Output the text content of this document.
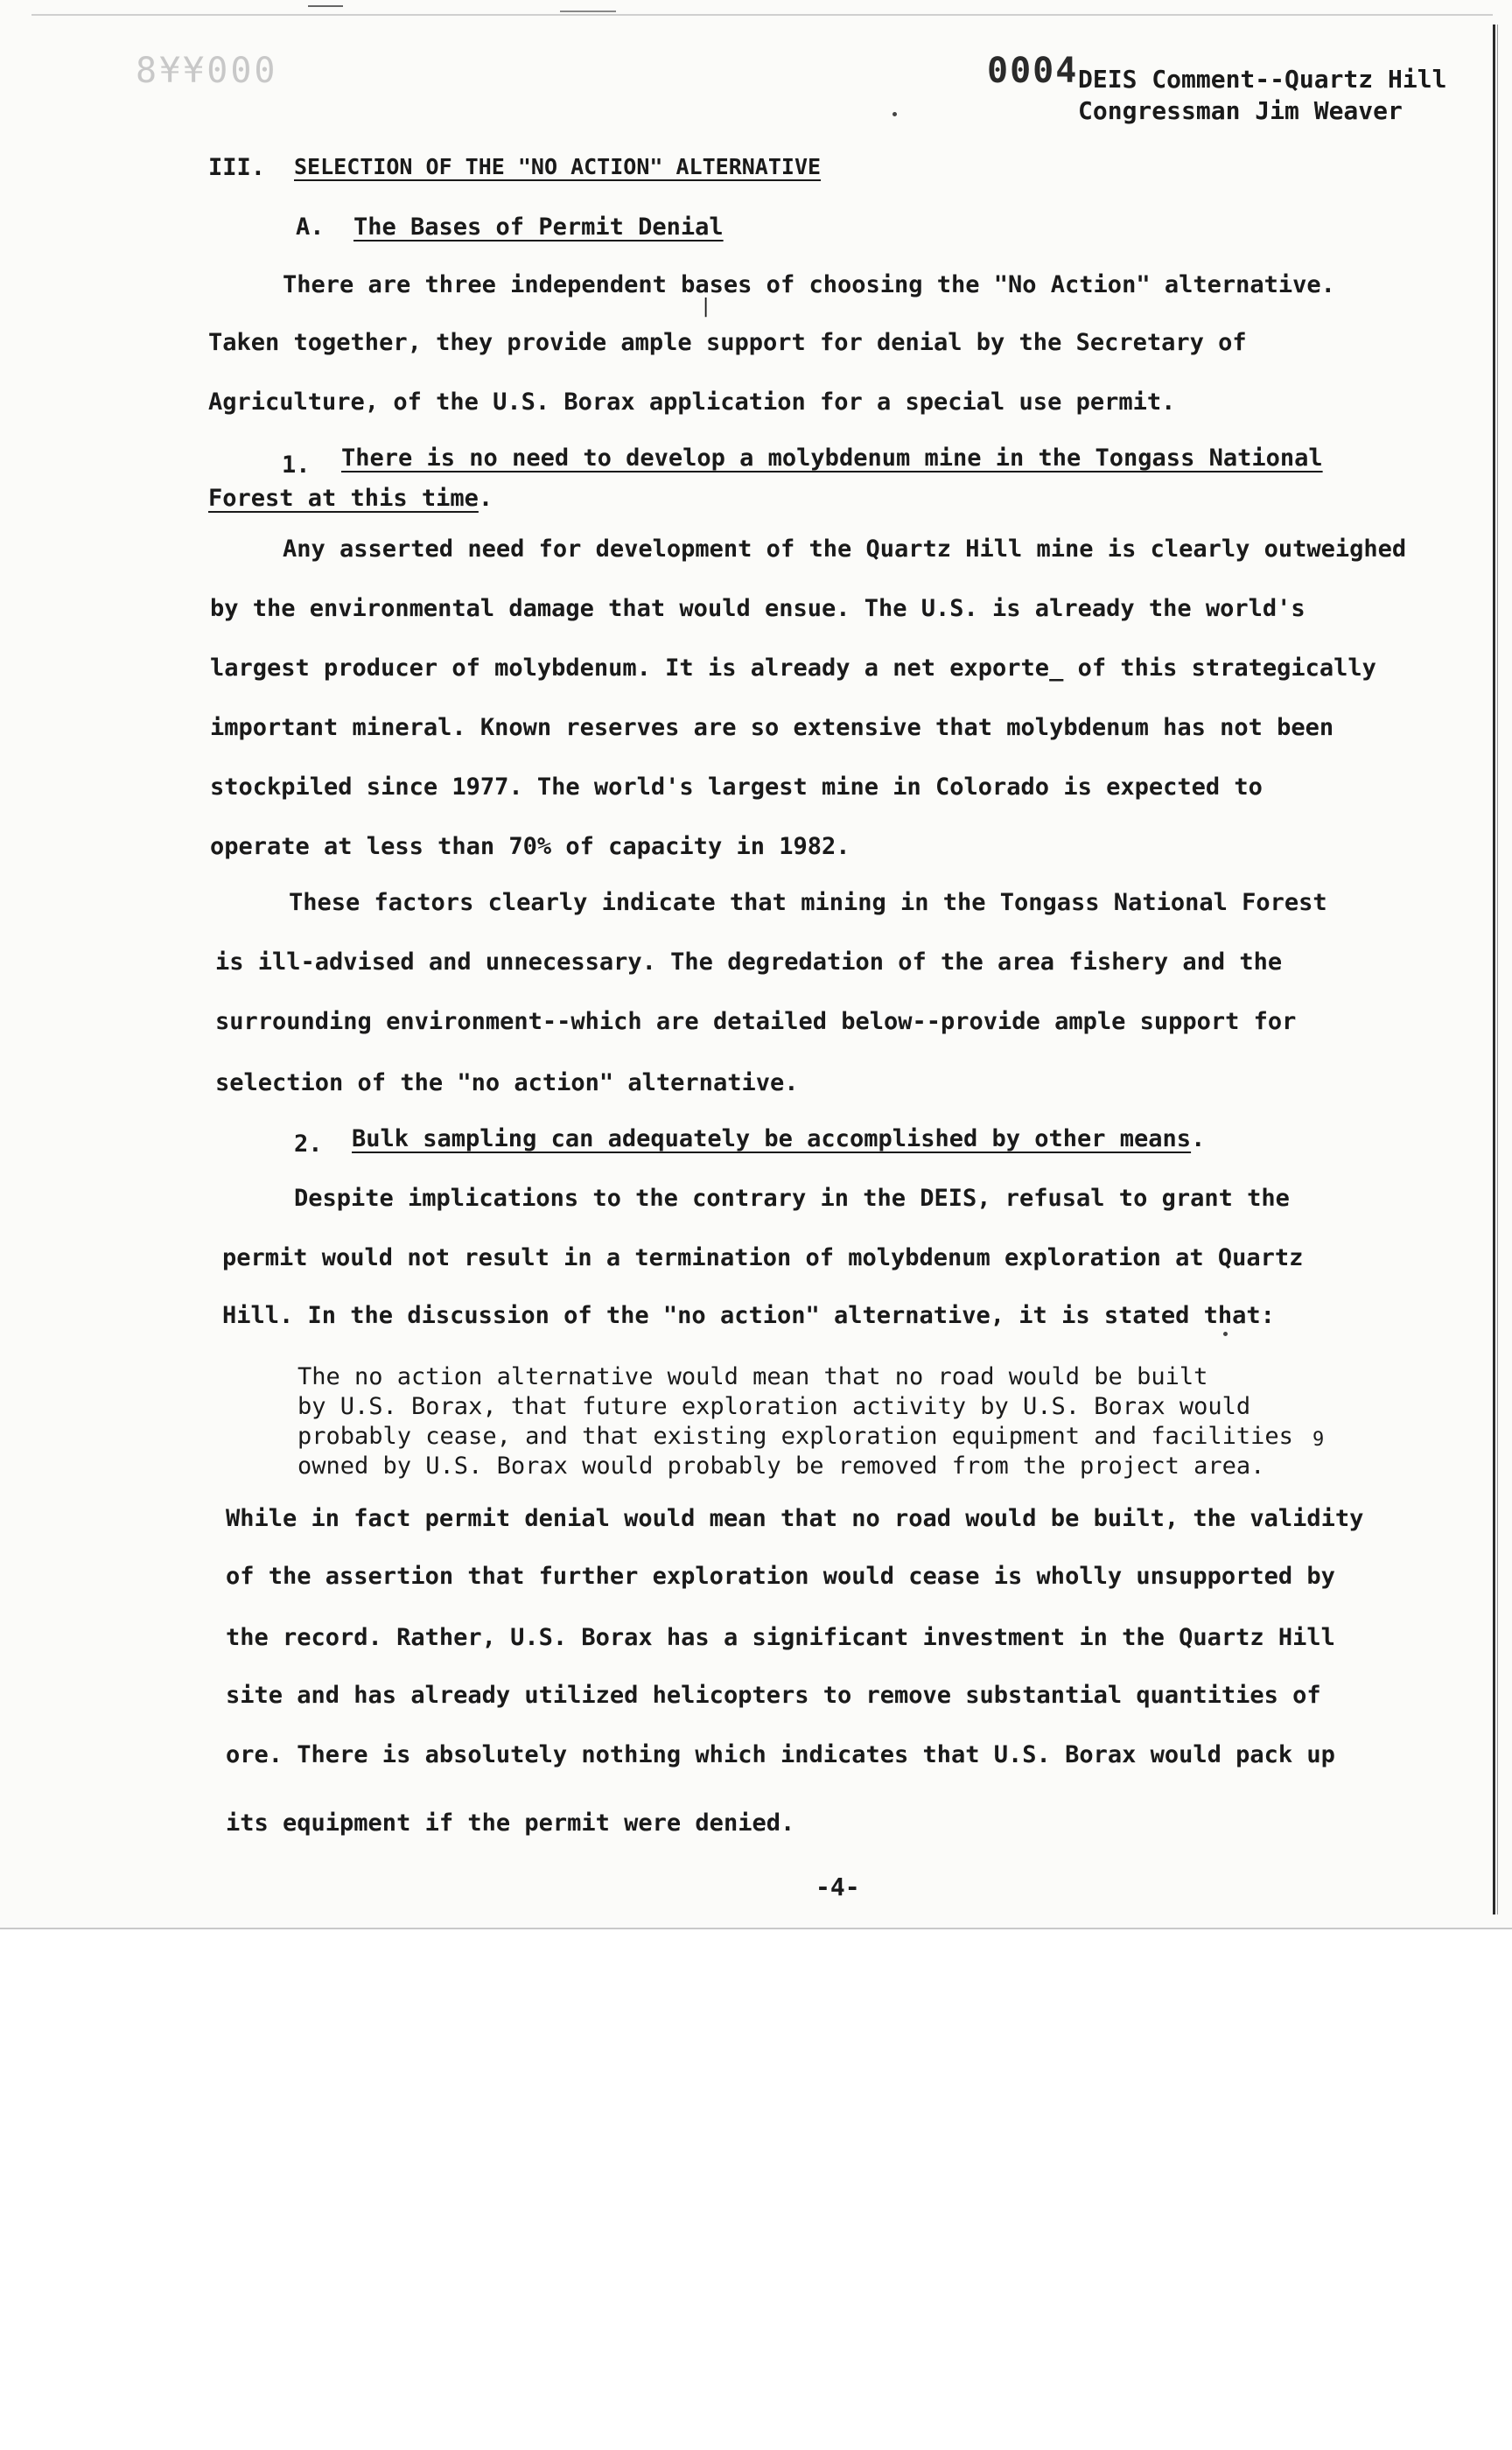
8¥¥000	0004 DEIS Comment--Quartz Hill
Congressman Jim Weaver
III. SELECTION OF THE "NO ACTION" ALTERNATIVE
A. The Bases of Permit Denial
There are three independent bases of choosing the "No Action" alternative.
|
Taken together, they provide ample support for denial by the Secretary of
Agriculture, of the U.S. Borax application for a special use permit.
1. There is no need to develop a molybdenum mine in the Tongass National
Forest at this time.
Any asserted need for development of the Quartz Hill mine is clearly outweighed
by the environmental damage that would ensue. The U.S. is already the world's
largest producer of molybdenum. It is already a net exporte_ of this strategically
important mineral. Known reserves are so extensive that molybdenum has not been
stockpiled since 1977. The world's largest mine in Colorado is expected to
operate at less than 70% of capacity in 1982.
These factors clearly indicate that mining in the Tongass National Forest
is ill-advised and unnecessary. The degredation of the area fishery and the
surrounding environment--which are detailed below--provide ample support for
selection of the "no action" alternative.
2. Bulk sampling can adequately be accomplished by other means.
Despite implications to the contrary in the DEIS, refusal to grant the
permit would not result in a termination of molybdenum exploration at Quartz
Hill. In the discussion of the "no action" alternative, it is stated that:
The no action alternative would mean that no road would be built
by U.S. Borax, that future exploration activity by U.S. Borax would
probably cease, and that existing exploration equipment and facilities
owned by U.S. Borax would probably be removed from the project area.
9
While in fact permit denial would mean that no road would be built, the validity
of the assertion that further exploration would cease is wholly unsupported by
the record. Rather, U.S. Borax has a significant investment in the Quartz Hill
site and has already utilized helicopters to remove substantial quantities of
ore. There is absolutely nothing which indicates that U.S. Borax would pack up
its equipment if the permit were denied.
-4-
